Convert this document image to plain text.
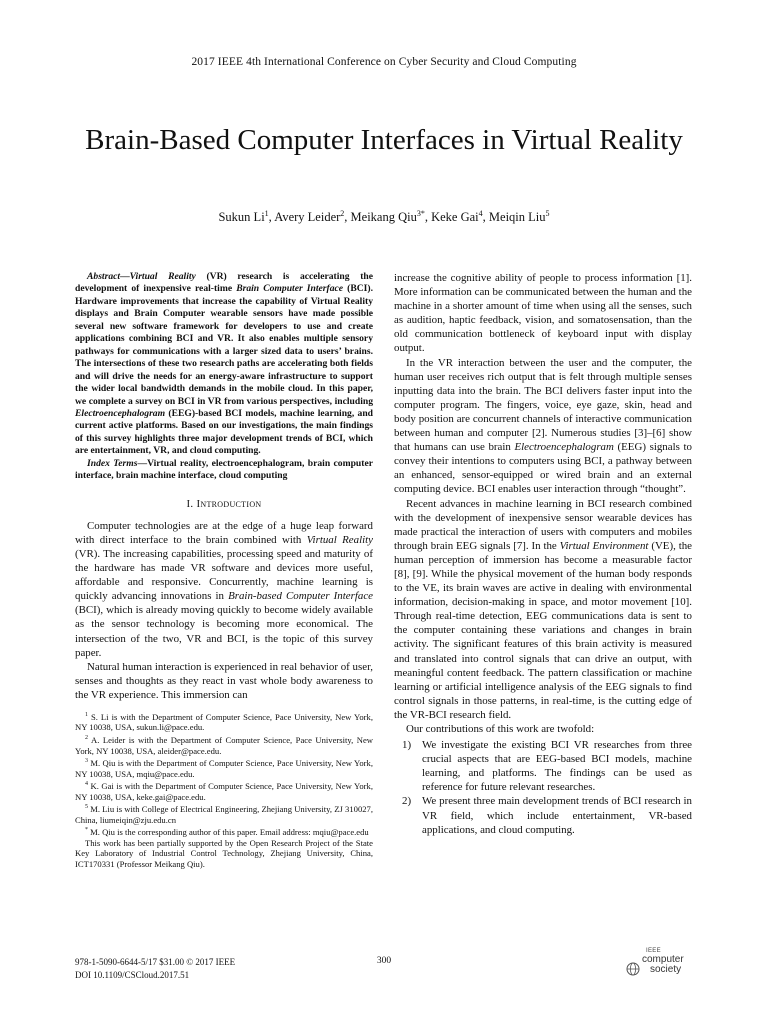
2017 IEEE 4th International Conference on Cyber Security and Cloud Computing
Brain-Based Computer Interfaces in Virtual Reality
Sukun Li$^1$, Avery Leider$^2$, Meikang Qiu$^{3*}$, Keke Gai$^4$, Meiqin Liu$^5$

Abstract—Virtual Reality (VR) research is accelerating the development of inexpensive real-time Brain Computer Interface (BCI). Hardware improvements that increase the capability of Virtual Reality displays and Brain Computer wearable sensors have made possible several new software framework for developers to use and create applications combining BCI and VR. It also enables multiple sensory pathways for communications with a larger sized data to users’ brains. The intersections of these two research paths are accelerating both fields and will drive the needs for an energy-aware infrastructure to support the wider local bandwidth demands in the mobile cloud. In this paper, we complete a survey on BCI in VR from various perspectives, including Electroencephalogram (EEG)-based BCI models, machine learning, and current active platforms. Based on our investigations, the main findings of this survey highlights three major development trends of BCI, which are entertainment, VR, and cloud computing.

Index Terms—Virtual reality, electroencephalogram, brain computer interface, brain machine interface, cloud computing

I. Introduction

Computer technologies are at the edge of a huge leap forward with direct interface to the brain combined with Virtual Reality (VR). The increasing capabilities, processing speed and maturity of the hardware has made VR software and devices more useful, affordable and responsive. Concurrently, machine learning is quickly advancing innovations in Brain-based Computer Interface (BCI), which is already moving quickly to become widely available as the sensor technology is becoming more economical. The intersection of the two, VR and BCI, is the topic of this survey paper.

Natural human interaction is experienced in real behavior of user, senses and thoughts as they react in vast whole body awareness to the VR experience. This immersion can

$^1$ S. Li is with the Department of Computer Science, Pace University, New York, NY 10038, USA, sukun.li@pace.edu.

$^2$ A. Leider is with the Department of Computer Science, Pace University, New York, NY 10038, USA, aleider@pace.edu.

$^3$ M. Qiu is with the Department of Computer Science, Pace University, New York, NY 10038, USA, mqiu@pace.edu.

$^4$ K. Gai is with the Department of Computer Science, Pace University, New York, NY 10038, USA, keke.gai@pace.edu.

$^5$ M. Liu is with College of Electrical Engineering, Zhejiang University, ZJ 310027, China, liumeiqin@zju.edu.cn

* M. Qiu is the corresponding author of this paper. Email address: mqiu@pace.edu

This work has been partially supported by the Open Research Project of the State Key Laboratory of Industrial Control Technology, Zhejiang University, China, ICT170331 (Professor Meikang Qiu).

increase the cognitive ability of people to process information [1]. More information can be communicated between the human and the machine in a shorter amount of time when using all the senses, such as audition, haptic feedback, vision, and somatosensation, than the old communication bottleneck of keyboard input with display output.

In the VR interaction between the user and the computer, the human user receives rich output that is felt through multiple senses inputting data into the brain. The BCI delivers faster input into the computer program. The fingers, voice, eye gaze, skin, head and body position are concurrent channels of interactive communication between human and computer [2]. Numerous studies [3]–[6] show that humans can use brain Electroencephalogram (EEG) signals to convey their intentions to computers using BCI, a pathway between an enhanced, sensor-equipped or wired brain and an external computing device. BCI enables user interaction through “thought”.

Recent advances in machine learning in BCI research combined with the development of inexpensive sensor wearable devices has made practical the interaction of users with computers and mobiles through brain EEG signals [7]. In the Virtual Environment (VE), the human perception of immersion has become a measurable factor [8], [9]. While the physical movement of the human body responds to the VE, its brain waves are active in dealing with environmental information, decision-making in space, and motor movement [10]. Through real-time detection, EEG communications data is sent to the computer containing these variations and changes in brain activity. The significant features of this brain activity is measured and translated into control signals that can drive an output, with meaningful content feedback. The pattern classification or machine learning or artificial intelligence analysis of the EEG signals to find control signals in those patterns, in real-time, is the cutting edge of the VR-BCI research field.

Our contributions of this work are twofold:

1)	We investigate the existing BCI VR researches from three crucial aspects that are EEG-based BCI models, machine learning, and platforms. The findings can be used as reference for future relevant researches.
2)	We present three main development trends of BCI research in VR field, which include entertainment, VR-based applications, and cloud computing.
978-1-5090-6644-5/17 $31.00 © 2017 IEEE
DOI 10.1109/CSCloud.2017.51
300
IEEE
computer
society
